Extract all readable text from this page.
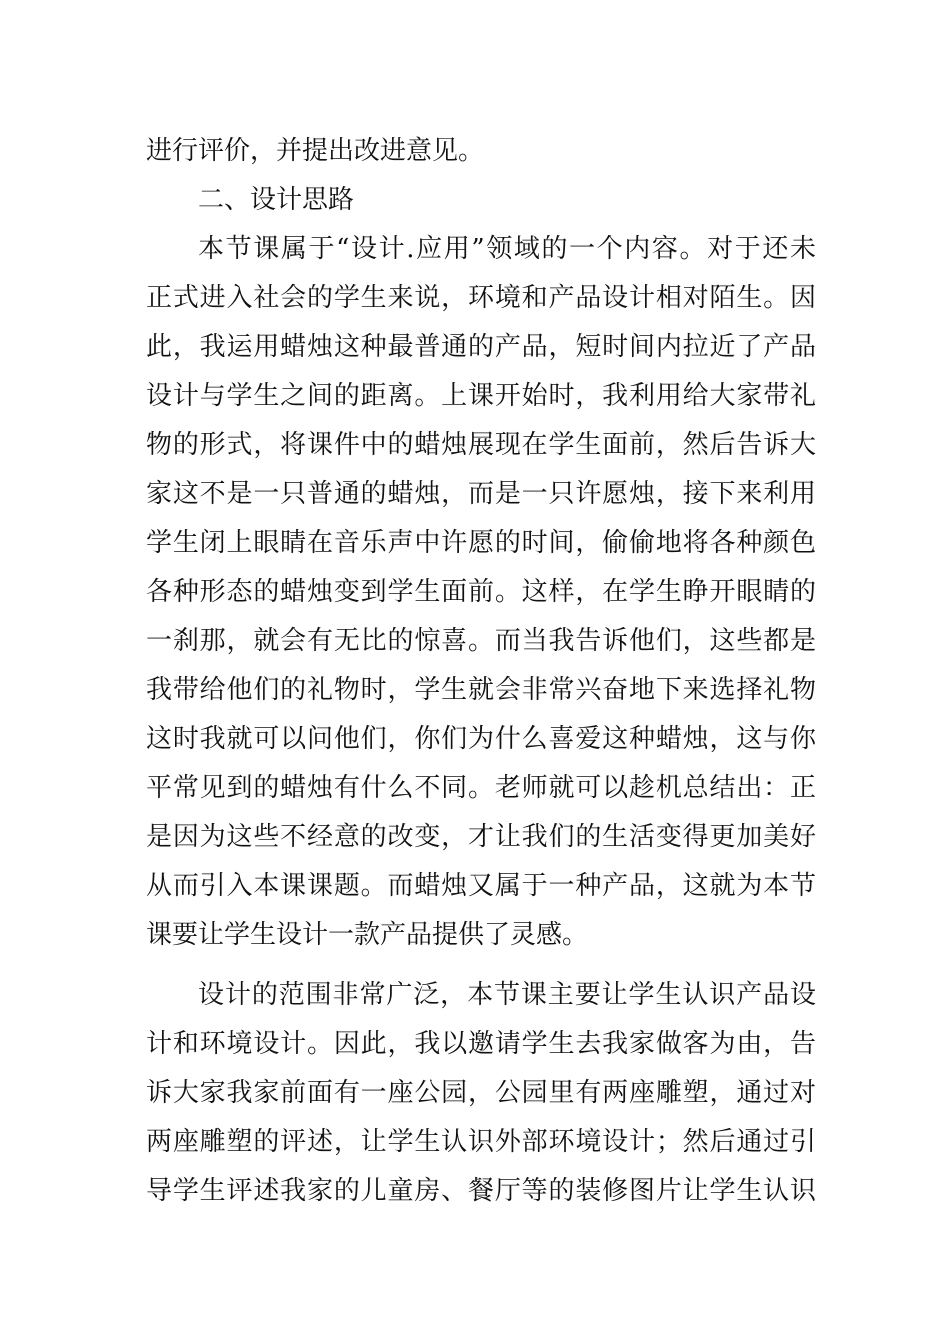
进行评价，并提出改进意见。
二、设计思路
本节课属于“设计.应用”领域的一个内容。对于还未
正式进入社会的学生来说，环境和产品设计相对陌生。因
此，我运用蜡烛这种最普通的产品，短时间内拉近了产品
设计与学生之间的距离。上课开始时，我利用给大家带礼
物的形式，将课件中的蜡烛展现在学生面前，然后告诉大
家这不是一只普通的蜡烛，而是一只许愿烛，接下来利用
学生闭上眼睛在音乐声中许愿的时间，偷偷地将各种颜色
各种形态的蜡烛变到学生面前。这样，在学生睁开眼睛的
一刹那，就会有无比的惊喜。而当我告诉他们，这些都是
我带给他们的礼物时，学生就会非常兴奋地下来选择礼物
这时我就可以问他们，你们为什么喜爱这种蜡烛，这与你
平常见到的蜡烛有什么不同。老师就可以趁机总结出：正
是因为这些不经意的改变，才让我们的生活变得更加美好
从而引入本课课题。而蜡烛又属于一种产品，这就为本节
课要让学生设计一款产品提供了灵感。
设计的范围非常广泛，本节课主要让学生认识产品设
计和环境设计。因此，我以邀请学生去我家做客为由，告
诉大家我家前面有一座公园，公园里有两座雕塑，通过对
两座雕塑的评述，让学生认识外部环境设计；然后通过引
导学生评述我家的儿童房、餐厅等的装修图片让学生认识
